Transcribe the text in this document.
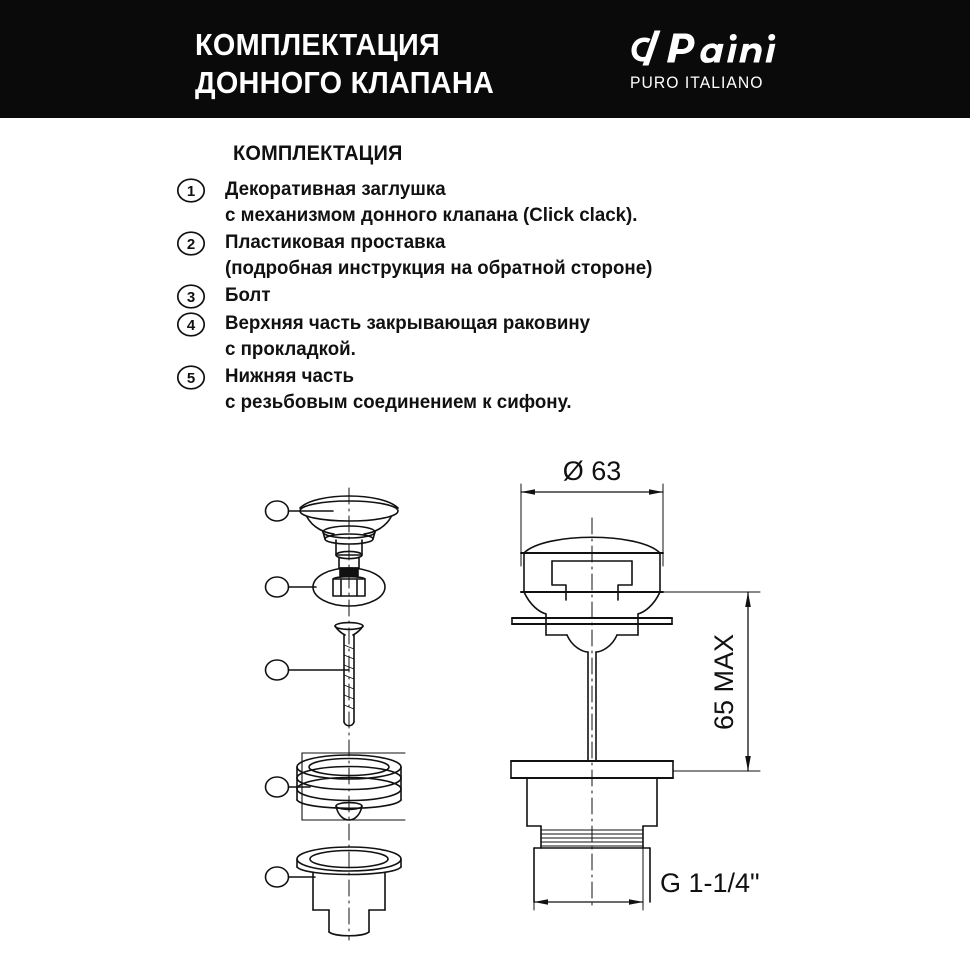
КОМПЛЕКТАЦИЯ
ДОННОГО КЛАПАНА	PURO ITALIANO
КОМПЛЕКТАЦИЯ
1 Декоративная заглушка
с механизмом донного клапана (Click clack).
2 Пластиковая проставка
(подробная инструкция на обратной стороне)
3 Болт
4 Верхняя часть закрывающая раковину
с прокладкой.
5 Нижняя часть
с резьбовым соединением к сифону.
Ø 63
65 MAX
G 1-1/4"
